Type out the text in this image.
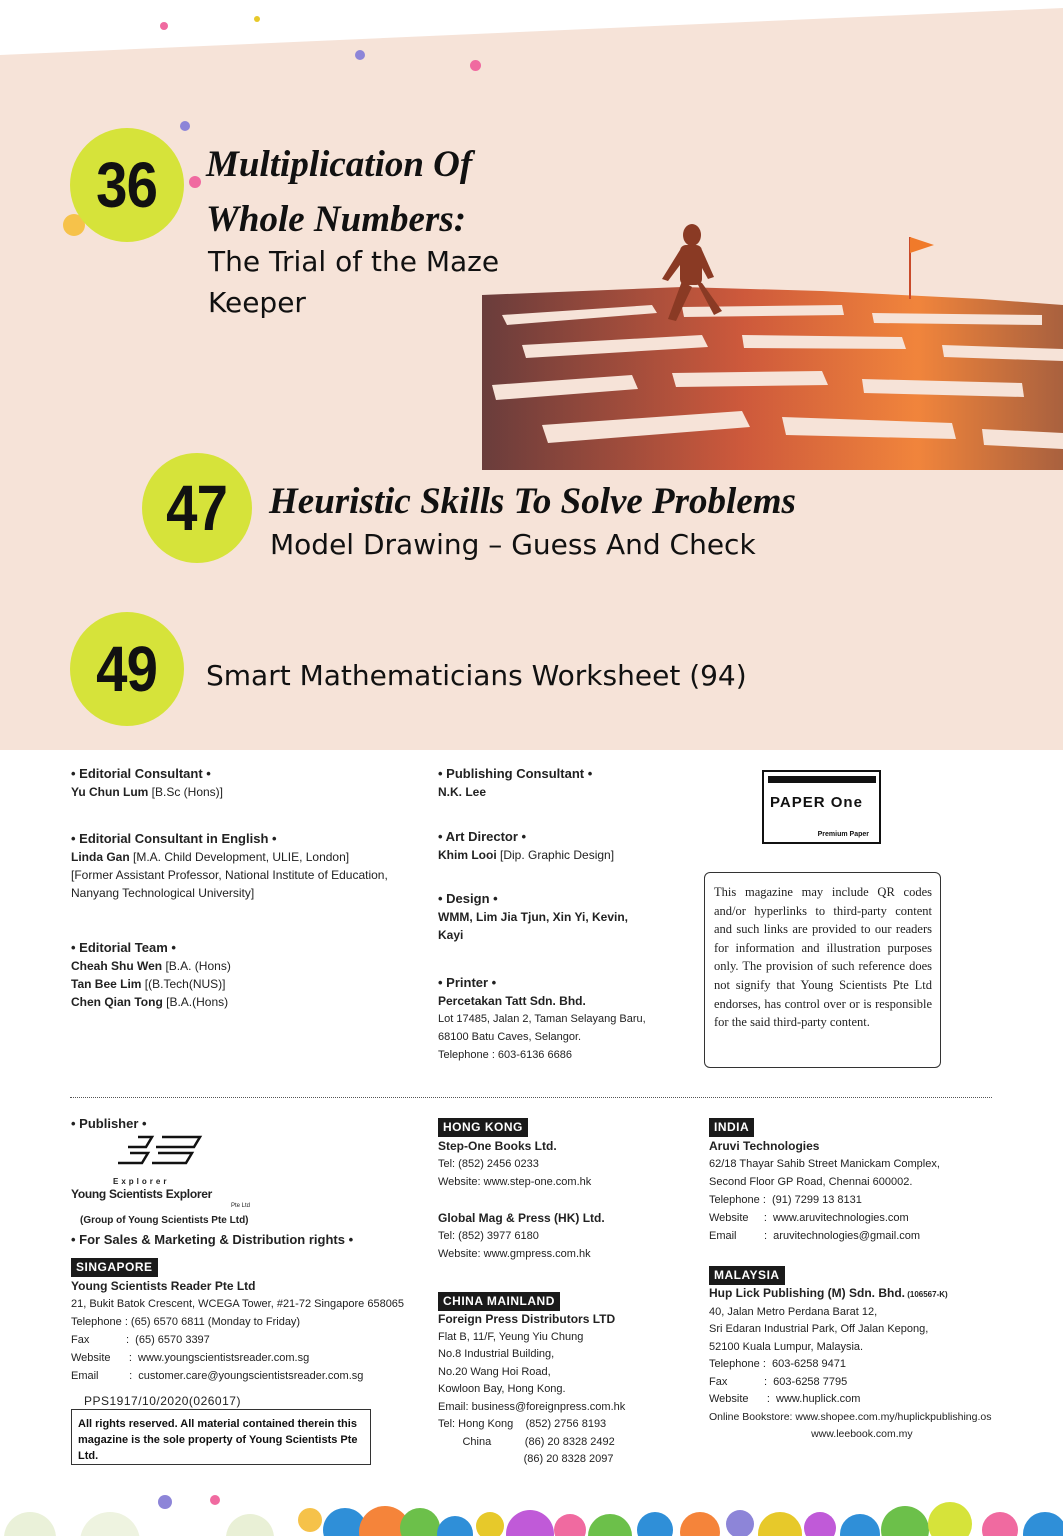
36 Multiplication Of
Whole Numbers:
The Trial of the Maze
Keeper
47 Heuristic Skills To Solve Problems
Model Drawing – Guess And Check
49 Smart Mathematicians Worksheet (94)
• Editorial Consultant •
Yu Chun Lum [B.Sc (Hons)]
• Editorial Consultant in English •
Linda Gan [M.A. Child Development, ULIE, London]
[Former Assistant Professor, National Institute of Education,
Nanyang Technological University]
• Editorial Team •
Cheah Shu Wen [B.A. (Hons)
Tan Bee Lim [(B.Tech(NUS)]
Chen Qian Tong [B.A.(Hons)
• Publishing Consultant •
N.K. Lee
• Art Director •
Khim Looi [Dip. Graphic Design]
• Design •
WMM, Lim Jia Tjun, Xin Yi, Kevin,
Kayi
• Printer •
Percetakan Tatt Sdn. Bhd.
Lot 17485, Jalan 2, Taman Selayang Baru,
68100 Batu Caves, Selangor.
Telephone : 603-6136 6686
PAPER One
Premium Paper
This magazine may include QR codes and/or hyperlinks to third-party content and such links are provided to our readers for information and illustration purposes only. The provision of such reference does not signify that Young Scientists Pte Ltd endorses, has control over or is responsible for the said third-party content.
• Publisher •
Explorer
Young Scientists Explorer
Pte Ltd
(Group of Young Scientists Pte Ltd)
• For Sales & Marketing & Distribution rights •
SINGAPORE
Young Scientists Reader Pte Ltd
21, Bukit Batok Crescent, WCEGA Tower, #21-72 Singapore 658065
Telephone : (65) 6570 6811 (Monday to Friday)
Fax            :  (65) 6570 3397
Website      :  www.youngscientistsreader.com.sg
Email          :  customer.care@youngscientistsreader.com.sg
PPS1917/10/2020(026017)
All rights reserved. All material contained therein this magazine is the sole property of Young Scientists Pte Ltd.
HONG KONG
Step-One Books Ltd.
Tel: (852) 2456 0233
Website: www.step-one.com.hk
Global Mag & Press (HK) Ltd.
Tel: (852) 3977 6180
Website: www.gmpress.com.hk
CHINA MAINLAND
Foreign Press Distributors LTD
Flat B, 11/F, Yeung Yiu Chung
No.8 Industrial Building,
No.20 Wang Hoi Road,
Kowloon Bay, Hong Kong.
Email: business@foreignpress.com.hk
Tel: Hong Kong    (852) 2756 8193
China           (86) 20 8328 2492
(86) 20 8328 2097
INDIA
Aruvi Technologies
62/18 Thayar Sahib Street Manickam Complex,
Second Floor GP Road, Chennai 600002.
Telephone :  (91) 7299 13 8131
Website     :  www.aruvitechnologies.com
Email         :  aruvitechnologies@gmail.com
MALAYSIA
Hup Lick Publishing (M) Sdn. Bhd. (106567-K)
40, Jalan Metro Perdana Barat 12,
Sri Edaran Industrial Park, Off Jalan Kepong,
52100 Kuala Lumpur, Malaysia.
Telephone :  603-6258 9471
Fax            :  603-6258 7795
Website      :  www.huplick.com
Online Bookstore: www.shopee.com.my/huplickpublishing.os
www.leebook.com.my
